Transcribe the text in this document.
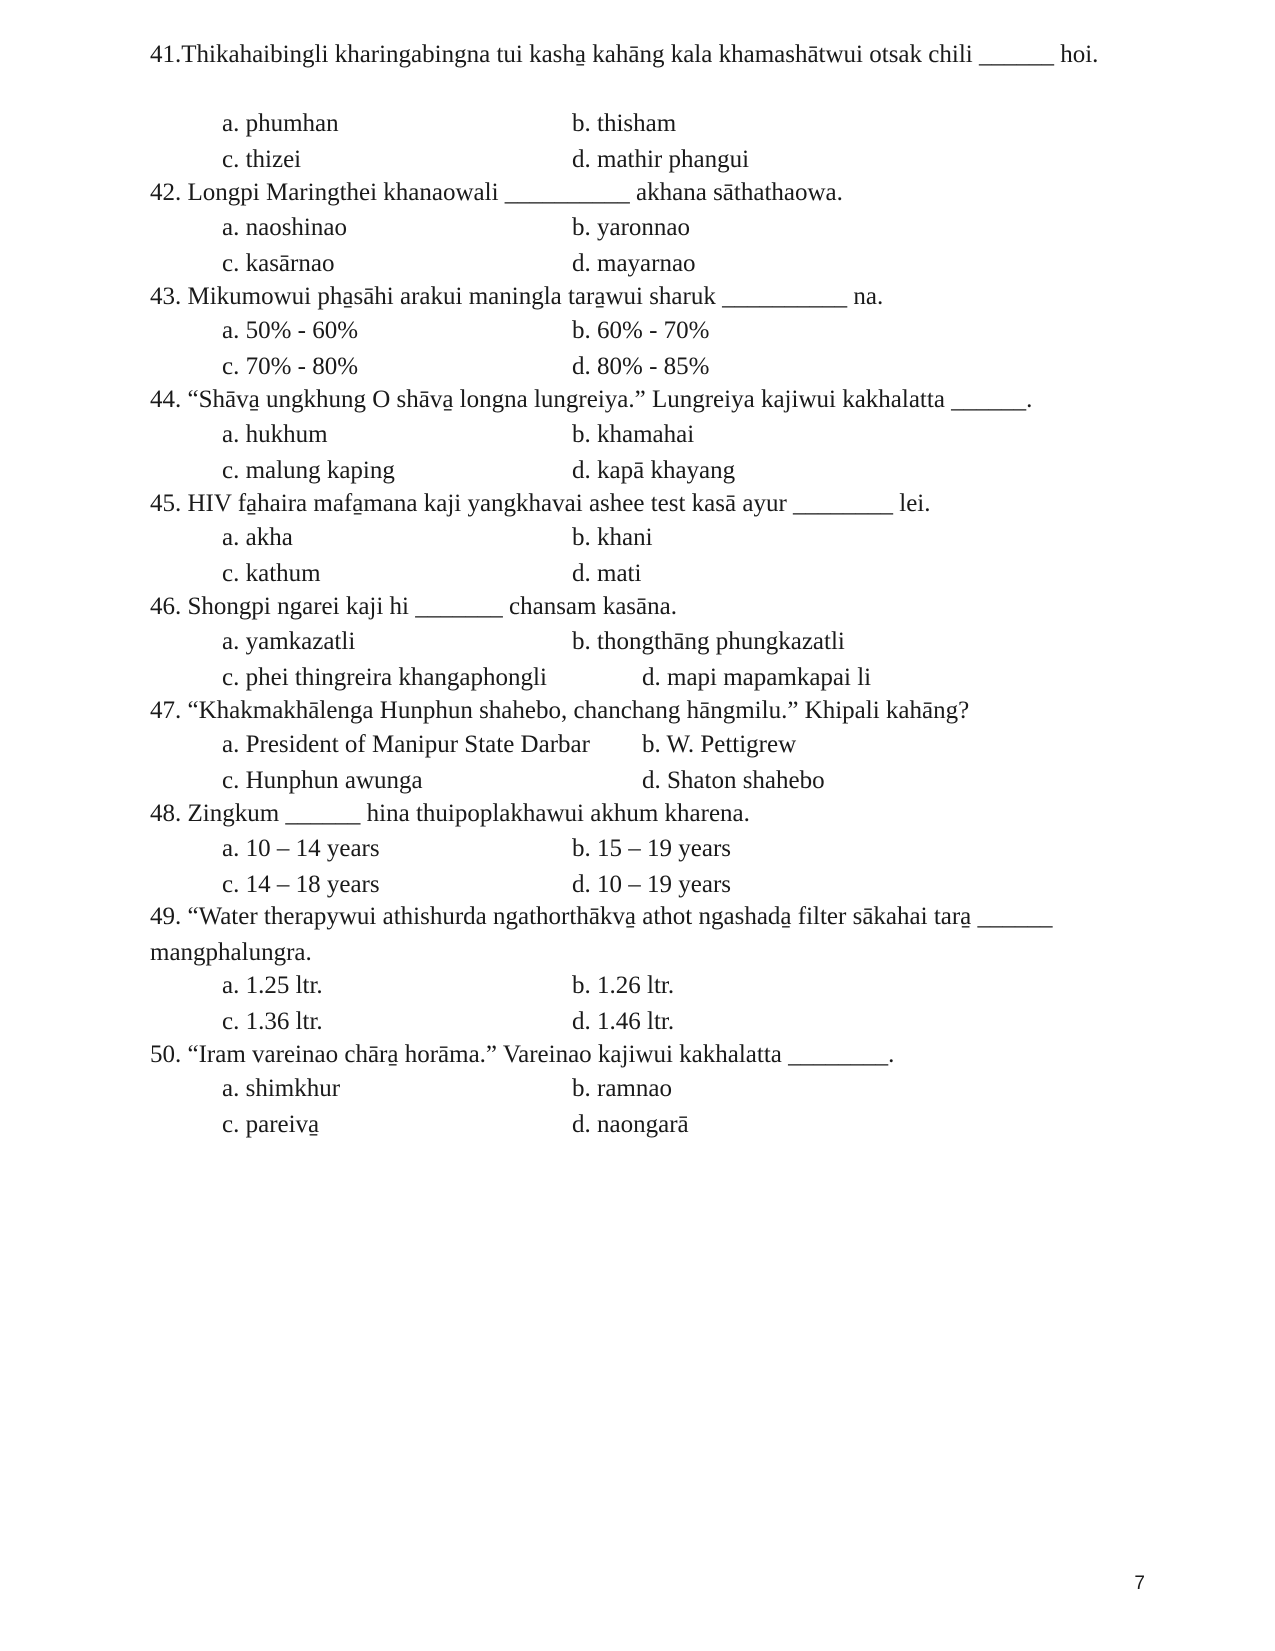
41.Thikahaibingli kharingabingna tui kasha̱ kahāng kala khamashātwui otsak chili ______ hoi.
a. phumhan	b. thisham
c. thizei	d. mathir phangui
42. Longpi Maringthei khanaowali __________ akhana sāthathaowa.
a. naoshinao	b. yaronnao
c. kasārnao	d. mayarnao
43. Mikumowui pha̱sāhi arakui maningla tara̱wui sharuk __________ na.
a. 50% - 60%	b. 60% - 70%
c. 70% - 80%	d. 80% - 85%
44. “Shāva̱ ungkhung O shāva̱ longna lungreiya.” Lungreiya kajiwui kakhalatta ______.
a. hukhum	b. khamahai
c. malung kaping	d. kapā khayang
45. HIV fa̱haira mafa̱mana kaji yangkhavai ashee test kasā ayur ________ lei.
a. akha	b. khani
c. kathum	d. mati
46. Shongpi ngarei kaji hi _______ chansam kasāna.
a. yamkazatli	b. thongthāng phungkazatli
c. phei thingreira khangaphongli	d. mapi mapamkapai li
47. “Khakmakhālenga Hunphun shahebo, chanchang hāngmilu.” Khipali kahāng?
a. President of Manipur State Darbar b. W. Pettigrew
c. Hunphun awunga	d. Shaton shahebo
48. Zingkum ______ hina thuipoplakhawui akhum kharena.
a. 10 – 14 years	b. 15 – 19 years
c. 14 – 18 years	d. 10 – 19 years
49. “Water therapywui athishurda ngathorthākva̱ athot ngashada̱ filter sākahai tara̱ ______ mangphalungra.
a. 1.25 ltr.	b. 1.26 ltr.
c. 1.36 ltr.	d. 1.46 ltr.
50. “Iram vareinao chāra̱ horāma.” Vareinao kajiwui kakhalatta ________.
a. shimkhur	b. ramnao
c. pareiva̱	d. naongarā
7
